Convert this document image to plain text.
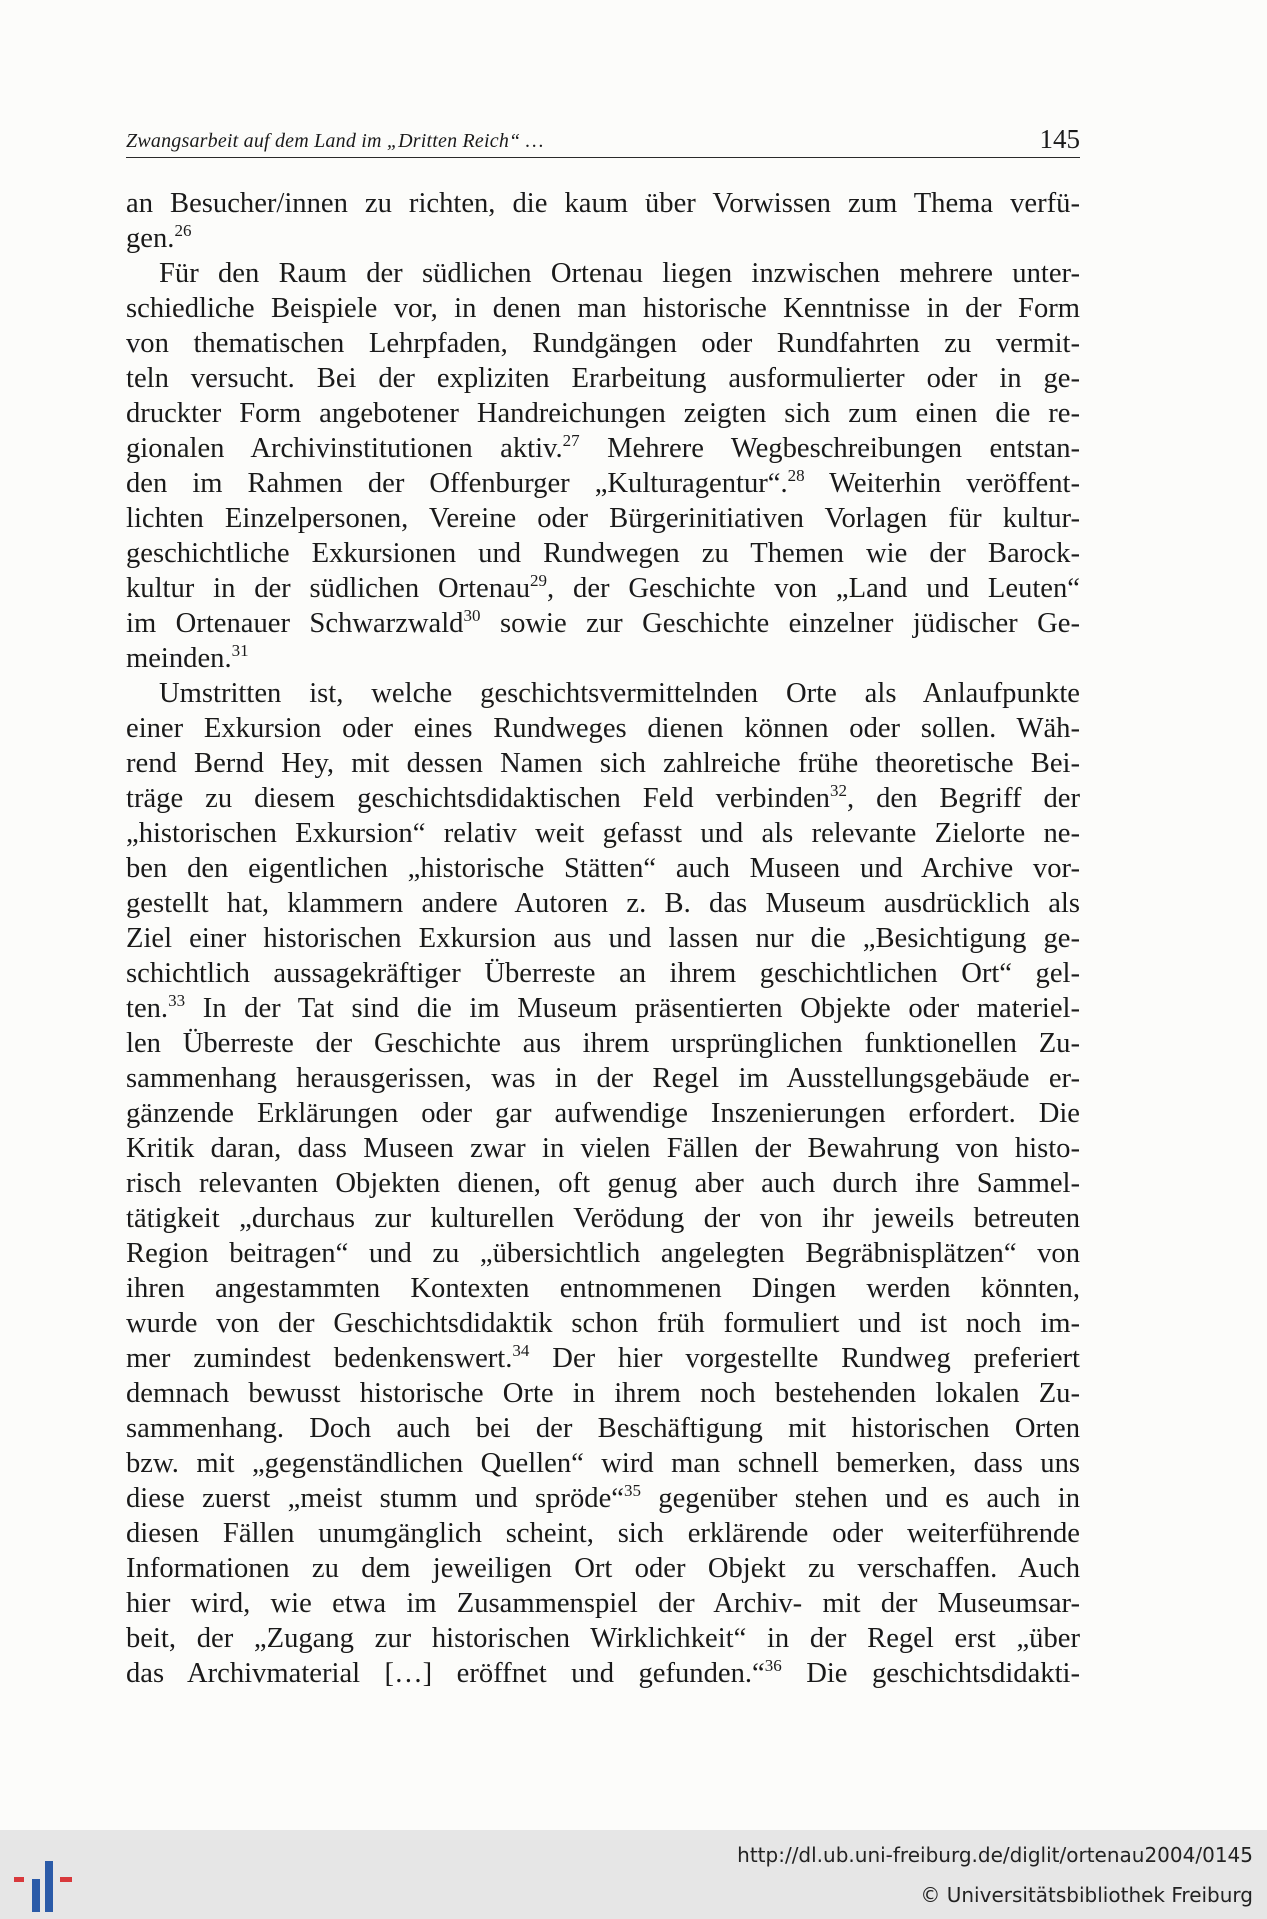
Zwangsarbeit auf dem Land im „Dritten Reich“ …	145
an Besucher/innen zu richten, die kaum über Vorwissen zum Thema verfü-
gen.$^{26}$
Für den Raum der südlichen Ortenau liegen inzwischen mehrere unter-
schiedliche Beispiele vor, in denen man historische Kenntnisse in der Form
von thematischen Lehrpfaden, Rundgängen oder Rundfahrten zu vermit-
teln versucht. Bei der expliziten Erarbeitung ausformulierter oder in ge-
druckter Form angebotener Handreichungen zeigten sich zum einen die re-
gionalen Archivinstitutionen aktiv.$^{27}$ Mehrere Wegbeschreibungen entstan-
den im Rahmen der Offenburger „Kulturagentur“.$^{28}$ Weiterhin veröffent-
lichten Einzelpersonen, Vereine oder Bürgerinitiativen Vorlagen für kultur-
geschichtliche Exkursionen und Rundwegen zu Themen wie der Barock-
kultur in der südlichen Ortenau$^{29}$, der Geschichte von „Land und Leuten“
im Ortenauer Schwarzwald$^{30}$ sowie zur Geschichte einzelner jüdischer Ge-
meinden.$^{31}$
Umstritten ist, welche geschichtsvermittelnden Orte als Anlaufpunkte
einer Exkursion oder eines Rundweges dienen können oder sollen. Wäh-
rend Bernd Hey, mit dessen Namen sich zahlreiche frühe theoretische Bei-
träge zu diesem geschichtsdidaktischen Feld verbinden$^{32}$, den Begriff der
„historischen Exkursion“ relativ weit gefasst und als relevante Zielorte ne-
ben den eigentlichen „historische Stätten“ auch Museen und Archive vor-
gestellt hat, klammern andere Autoren z. B. das Museum ausdrücklich als
Ziel einer historischen Exkursion aus und lassen nur die „Besichtigung ge-
schichtlich aussagekräftiger Überreste an ihrem geschichtlichen Ort“ gel-
ten.$^{33}$ In der Tat sind die im Museum präsentierten Objekte oder materiel-
len Überreste der Geschichte aus ihrem ursprünglichen funktionellen Zu-
sammenhang herausgerissen, was in der Regel im Ausstellungsgebäude er-
gänzende Erklärungen oder gar aufwendige Inszenierungen erfordert. Die
Kritik daran, dass Museen zwar in vielen Fällen der Bewahrung von histo-
risch relevanten Objekten dienen, oft genug aber auch durch ihre Sammel-
tätigkeit „durchaus zur kulturellen Verödung der von ihr jeweils betreuten
Region beitragen“ und zu „übersichtlich angelegten Begräbnisplätzen“ von
ihren angestammten Kontexten entnommenen Dingen werden könnten,
wurde von der Geschichtsdidaktik schon früh formuliert und ist noch im-
mer zumindest bedenkenswert.$^{34}$ Der hier vorgestellte Rundweg preferiert
demnach bewusst historische Orte in ihrem noch bestehenden lokalen Zu-
sammenhang. Doch auch bei der Beschäftigung mit historischen Orten
bzw. mit „gegenständlichen Quellen“ wird man schnell bemerken, dass uns
diese zuerst „meist stumm und spröde“$^{35}$ gegenüber stehen und es auch in
diesen Fällen unumgänglich scheint, sich erklärende oder weiterführende
Informationen zu dem jeweiligen Ort oder Objekt zu verschaffen. Auch
hier wird, wie etwa im Zusammenspiel der Archiv- mit der Museumsar-
beit, der „Zugang zur historischen Wirklichkeit“ in der Regel erst „über
das Archivmaterial […] eröffnet und gefunden.“$^{36}$ Die geschichtsdidakti-
http://dl.ub.uni-freiburg.de/diglit/ortenau2004/0145
© Universitätsbibliothek Freiburg
